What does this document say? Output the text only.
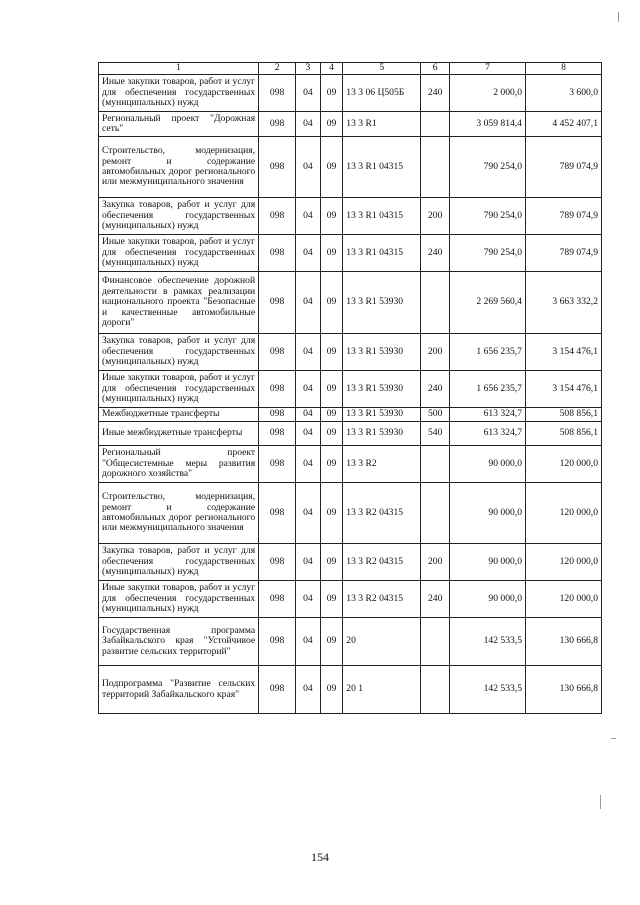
1	2	3	4	5	6	7	8
Иные закупки товаров, работ и услуг для обеспечения государственных (муниципальных) нужд	098	04	09	13 3 06 Ц505Б	240	2 000,0	3 600,0
Региональный проект "Дорожная сеть"	098	04	09	13 3 R1		3 059 814,4	4 452 407,1
Строительство, модернизация, ремонт и содержание автомобильных дорог регионального или межмуниципального значения	098	04	09	13 3 R1 04315		790 254,0	789 074,9
Закупка товаров, работ и услуг для обеспечения государственных (муниципальных) нужд	098	04	09	13 3 R1 04315	200	790 254,0	789 074,9
Иные закупки товаров, работ и услуг для обеспечения государственных (муниципальных) нужд	098	04	09	13 3 R1 04315	240	790 254,0	789 074,9
Финансовое обеспечение дорожной деятельности в рамках реализации национального проекта "Безопасные и качественные автомобильные дороги"	098	04	09	13 3 R1 53930		2 269 560,4	3 663 332,2
Закупка товаров, работ и услуг для обеспечения государственных (муниципальных) нужд	098	04	09	13 3 R1 53930	200	1 656 235,7	3 154 476,1
Иные закупки товаров, работ и услуг для обеспечения государственных (муниципальных) нужд	098	04	09	13 3 R1 53930	240	1 656 235,7	3 154 476,1
Межбюджетные трансферты	098	04	09	13 3 R1 53930	500	613 324,7	508 856,1
Иные межбюджетные трансферты	098	04	09	13 3 R1 53930	540	613 324,7	508 856,1
Региональный проект "Общесистемные меры развития дорожного хозяйства"	098	04	09	13 3 R2		90 000,0	120 000,0
Строительство, модернизация, ремонт и содержание автомобильных дорог регионального или межмуниципального значения	098	04	09	13 3 R2 04315		90 000,0	120 000,0
Закупка товаров, работ и услуг для обеспечения государственных (муниципальных) нужд	098	04	09	13 3 R2 04315	200	90 000,0	120 000,0
Иные закупки товаров, работ и услуг для обеспечения государственных (муниципальных) нужд	098	04	09	13 3 R2 04315	240	90 000,0	120 000,0
Государственная программа Забайкальского края "Устойчивое развитие сельских территорий"	098	04	09	20		142 533,5	130 666,8
Подпрограмма "Развитие сельских территорий Забайкальского края"	098	04	09	20 1		142 533,5	130 666,8
154
